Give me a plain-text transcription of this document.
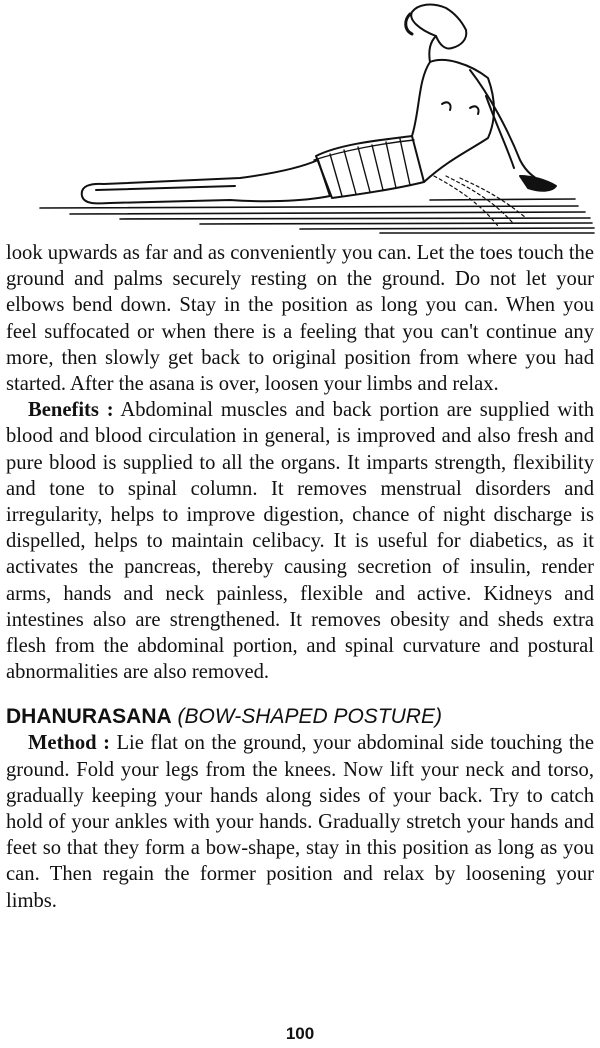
look upwards as far and as conveniently you can. Let the toes touch the ground and palms securely resting on the ground. Do not let your elbows bend down. Stay in the position as long you can. When you feel suffocated or when there is a feeling that you can't continue any more, then slowly get back to original position from where you had started. After the asana is over, loosen your limbs and relax.

Benefits : Abdominal muscles and back portion are supplied with blood and blood circulation in general, is improved and also fresh and pure blood is supplied to all the organs. It imparts strength, flexibility and tone to spinal column. It removes menstrual disorders and irregularity, helps to improve digestion, chance of night discharge is dispelled, helps to maintain celibacy. It is useful for diabetics, as it activates the pancreas, thereby causing secretion of insulin, render arms, hands and neck painless, flexible and active. Kidneys and intestines also are strengthened. It removes obesity and sheds extra flesh from the abdominal portion, and spinal curvature and postural abnormalities are also removed.

DHANURASANA (BOW-SHAPED POSTURE)

Method : Lie flat on the ground, your abdominal side touching the ground. Fold your legs from the knees. Now lift your neck and torso, gradually keeping your hands along sides of your back. Try to catch hold of your ankles with your hands. Gradually stretch your hands and feet so that they form a bow-shape, stay in this position as long as you can. Then regain the former position and relax by loosening your limbs.

100
